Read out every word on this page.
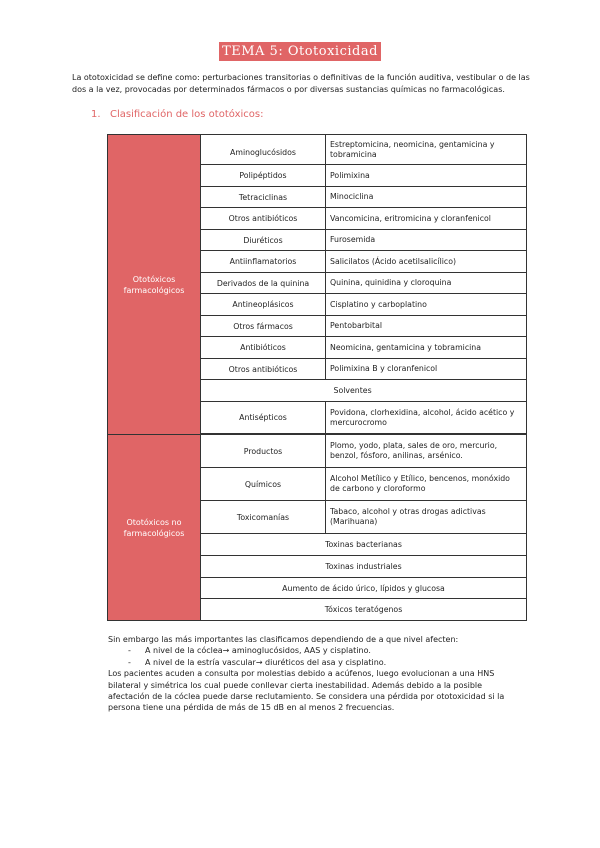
TEMA 5: Ototoxicidad
La ototoxicidad se define como: perturbaciones transitorias o definitivas de la función auditiva, vestibular o de las dos a la vez, provocadas por determinados fármacos o por diversas sustancias químicas no farmacológicas.
1. Clasificación de los ototóxicos:
Ototóxicos farmacológicos	Aminoglucósidos	Estreptomicina, neomicina, gentamicina y tobramicina
	Polipéptidos	Polimixina
	Tetraciclinas	Minociclina
	Otros antibióticos	Vancomicina, eritromicina y cloranfenicol
	Diuréticos	Furosemida
	Antiinflamatorios	Salicilatos (Ácido acetilsalicílico)
	Derivados de la quinina	Quinina, quinidina y cloroquina
	Antineoplásicos	Cisplatino y carboplatino
	Otros fármacos	Pentobarbital
	Antibióticos	Neomicina, gentamicina y tobramicina
	Otros antibióticos	Polimixina B y cloranfenicol
		Solventes
	Antisépticos	Povidona, clorhexidina, alcohol, ácido acético y mercurocromo

Ototóxicos no farmacológicos	Productos	Plomo, yodo, plata, sales de oro, mercurio, benzol, fósforo, anilinas, arsénico.
	Químicos	Alcohol Metílico y Etílico, bencenos, monóxido de carbono y cloroformo
	Toxicomanías	Tabaco, alcohol y otras drogas adictivas (Marihuana)
	Toxinas bacterianas	
	Toxinas industriales	
	Aumento de ácido úrico, lípidos y glucosa	
	Tóxicos teratógenos	
Sin embargo las más importantes las clasificamos dependiendo de a que nivel afecten:
- A nivel de la cóclea→ aminoglucósidos, AAS y cisplatino.
- A nivel de la estría vascular→ diuréticos del asa y cisplatino.
Los pacientes acuden a consulta por molestias debido a acúfenos, luego evolucionan a una HNS bilateral y simétrica los cual puede conllevar cierta inestabilidad. Además debido a la posible afectación de la cóclea puede darse reclutamiento. Se considera una pérdida por ototoxicidad si la persona tiene una pérdida de más de 15 dB en al menos 2 frecuencias.
